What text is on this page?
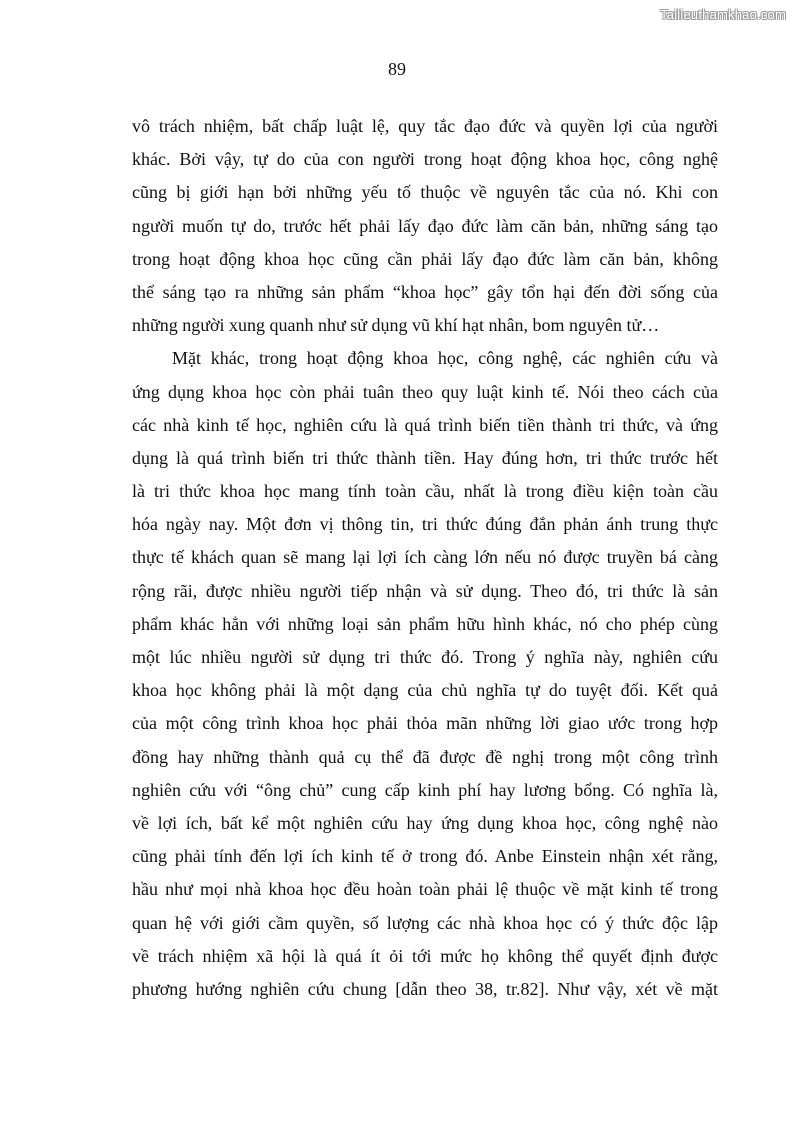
Tailieuthamkhao.com
89
vô trách nhiệm, bất chấp luật lệ, quy tắc đạo đức và quyền lợi của người
khác. Bởi vậy, tự do của con người trong hoạt động khoa học, công nghệ
cũng bị giới hạn bởi những yếu tố thuộc về nguyên tắc của nó. Khi con
người muốn tự do, trước hết phải lấy đạo đức làm căn bản, những sáng tạo
trong hoạt động khoa học cũng cần phải lấy đạo đức làm căn bản, không
thể sáng tạo ra những sản phẩm “khoa học” gây tổn hại đến đời sống của
những người xung quanh như sử dụng vũ khí hạt nhân, bom nguyên tử…
Mặt khác, trong hoạt động khoa học, công nghệ, các nghiên cứu và
ứng dụng khoa học còn phải tuân theo quy luật kinh tế. Nói theo cách của
các nhà kinh tế học, nghiên cứu là quá trình biến tiền thành tri thức, và ứng
dụng là quá trình biến tri thức thành tiền. Hay đúng hơn, tri thức trước hết
là tri thức khoa học mang tính toàn cầu, nhất là trong điều kiện toàn cầu
hóa ngày nay. Một đơn vị thông tin, tri thức đúng đắn phản ánh trung thực
thực tế khách quan sẽ mang lại lợi ích càng lớn nếu nó được truyền bá càng
rộng rãi, được nhiều người tiếp nhận và sử dụng. Theo đó, tri thức là sản
phẩm khác hẳn với những loại sản phẩm hữu hình khác, nó cho phép cùng
một lúc nhiều người sử dụng tri thức đó. Trong ý nghĩa này, nghiên cứu
khoa học không phải là một dạng của chủ nghĩa tự do tuyệt đối. Kết quả
của một công trình khoa học phải thỏa mãn những lời giao ước trong hợp
đồng hay những thành quả cụ thể đã được đề nghị trong một công trình
nghiên cứu với “ông chủ” cung cấp kinh phí hay lương bổng. Có nghĩa là,
về lợi ích, bất kể một nghiên cứu hay ứng dụng khoa học, công nghệ nào
cũng phải tính đến lợi ích kinh tế ở trong đó. Anbe Einstein nhận xét rằng,
hầu như mọi nhà khoa học đều hoàn toàn phải lệ thuộc về mặt kinh tế trong
quan hệ với giới cầm quyền, số lượng các nhà khoa học có ý thức độc lập
về trách nhiệm xã hội là quá ít ỏi tới mức họ không thể quyết định được
phương hướng nghiên cứu chung [dẫn theo 38, tr.82]. Như vậy, xét về mặt
